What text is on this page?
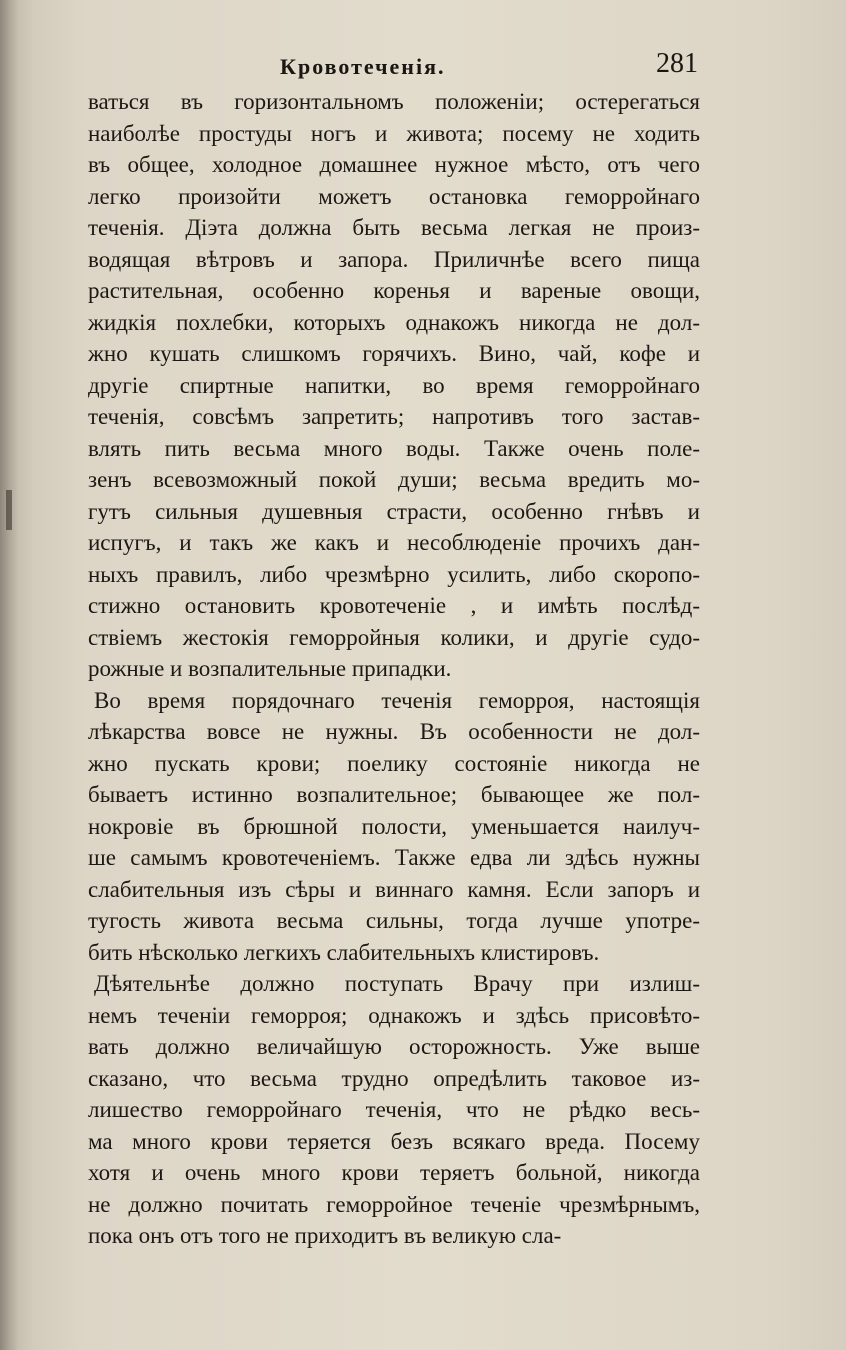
Кровотеченія.	281
ваться въ горизонтальномъ положеніи; остерегаться
наиболѣе простуды ногъ и живота; посему не ходить
въ общее, холодное домашнее нужное мѣсто, отъ чего
легко произойти можетъ остановка геморройнаго
теченія. Діэта должна быть весьма легкая не произ-
водящая вѣтровъ и запора. Приличнѣе всего пища
растительная, особенно коренья и вареные овощи,
жидкія похлебки, которыхъ однакожъ никогда не дол-
жно кушать слишкомъ горячихъ. Вино, чай, кофе и
другіе спиртные напитки, во время геморройнаго
теченія, совсѣмъ запретить; напротивъ того застав-
влять пить весьма много воды. Также очень поле-
зенъ всевозможный покой души; весьма вредить мо-
гутъ сильныя душевныя страсти, особенно гнѣвъ и
испугъ, и такъ же какъ и несоблюденіе прочихъ дан-
ныхъ правилъ, либо чрезмѣрно усилить, либо скоропо-
стижно остановить кровотеченіе , и имѣть послѣд-
ствіемъ жестокія геморройныя колики, и другіе судо-
рожные и возпалительные припадки.
Во время порядочнаго теченія геморроя, настоящія
лѣкарства вовсе не нужны. Въ особенности не дол-
жно пускать крови; поелику состояніе никогда не
бываетъ истинно возпалительное; бывающее же пол-
нокровіе въ брюшной полости, уменьшается наилуч-
ше самымъ кровотеченіемъ. Также едва ли здѣсь нужны
слабительныя изъ сѣры и виннаго камня. Если запоръ и
тугость живота весьма сильны, тогда лучше употре-
бить нѣсколько легкихъ слабительныхъ клистировъ.
Дѣятельнѣе должно поступать Врачу при излиш-
немъ теченіи геморроя; однакожъ и здѣсь присовѣто-
вать должно величайшую осторожность. Уже выше
сказано, что весьма трудно опредѣлить таковое из-
лишество геморройнаго теченія, что не рѣдко весь-
ма много крови теряется безъ всякаго вреда. Посему
хотя и очень много крови теряетъ больной, никогда
не должно почитать геморройное теченіе чрезмѣрнымъ,
пока онъ отъ того не приходитъ въ великую сла-
